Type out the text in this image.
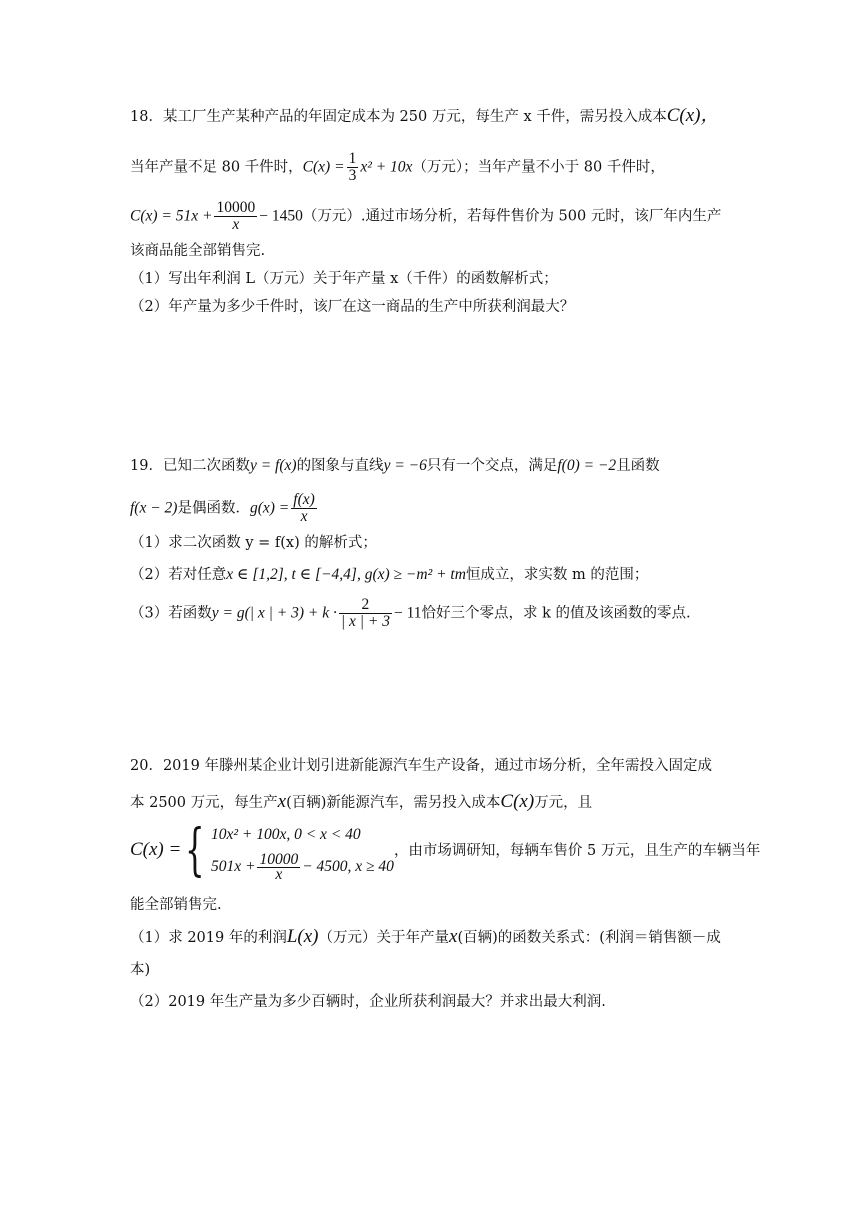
18．某工厂生产某种产品的年固定成本为 250 万元，每生产 x 千件，需另投入成本C(x)，
当年产量不足 80 千件时，$C(x) = \frac{1}{3} x^2 + 10x$（万元）；当年产量不小于 80 千件时，
$C(x) = 51x + \frac{10000}{x} - 1450$（万元）.通过市场分析，若每件售价为 500 元时，该厂年内生产
该商品能全部销售完.
（1）写出年利润 L（万元）关于年产量 x（千件）的函数解析式；
（2）年产量为多少千件时，该厂在这一商品的生产中所获利润最大？
19．已知二次函数y = f(x)的图象与直线y = −6只有一个交点，满足f(0) = −2且函数
f(x − 2)是偶函数．$g(x) = \frac{f(x)}{x}$
（1）求二次函数 y = f(x) 的解析式；
（2）若对任意x ∈ [1,2], t ∈ [−4,4], g(x) ≥ −m² + tm恒成立，求实数 m 的范围；
（3）若函数y = g(| x | + $3) + k \cdot \frac{2}{| x | + 3} - 11$恰好三个零点，求 k 的值及该函数的零点.
20．2019 年滕州某企业计划引进新能源汽车生产设备，通过市场分析，全年需投入固定成
本 2500 万元，每生产x(百辆)新能源汽车，需另投入成本C(x)万元，且
C(x) = { 10x² + 100x, 0 < x < 40
$501x + \frac{10000}{x} - 4500$, x ≥ 40
，由市场调研知，每辆车售价 5 万元，且生产的车辆当年
能全部销售完.
（1）求 2019 年的利润L(x)（万元）关于年产量x(百辆)的函数关系式：(利润＝销售额－成
本)
（2）2019 年生产量为多少百辆时，企业所获利润最大？并求出最大利润.
